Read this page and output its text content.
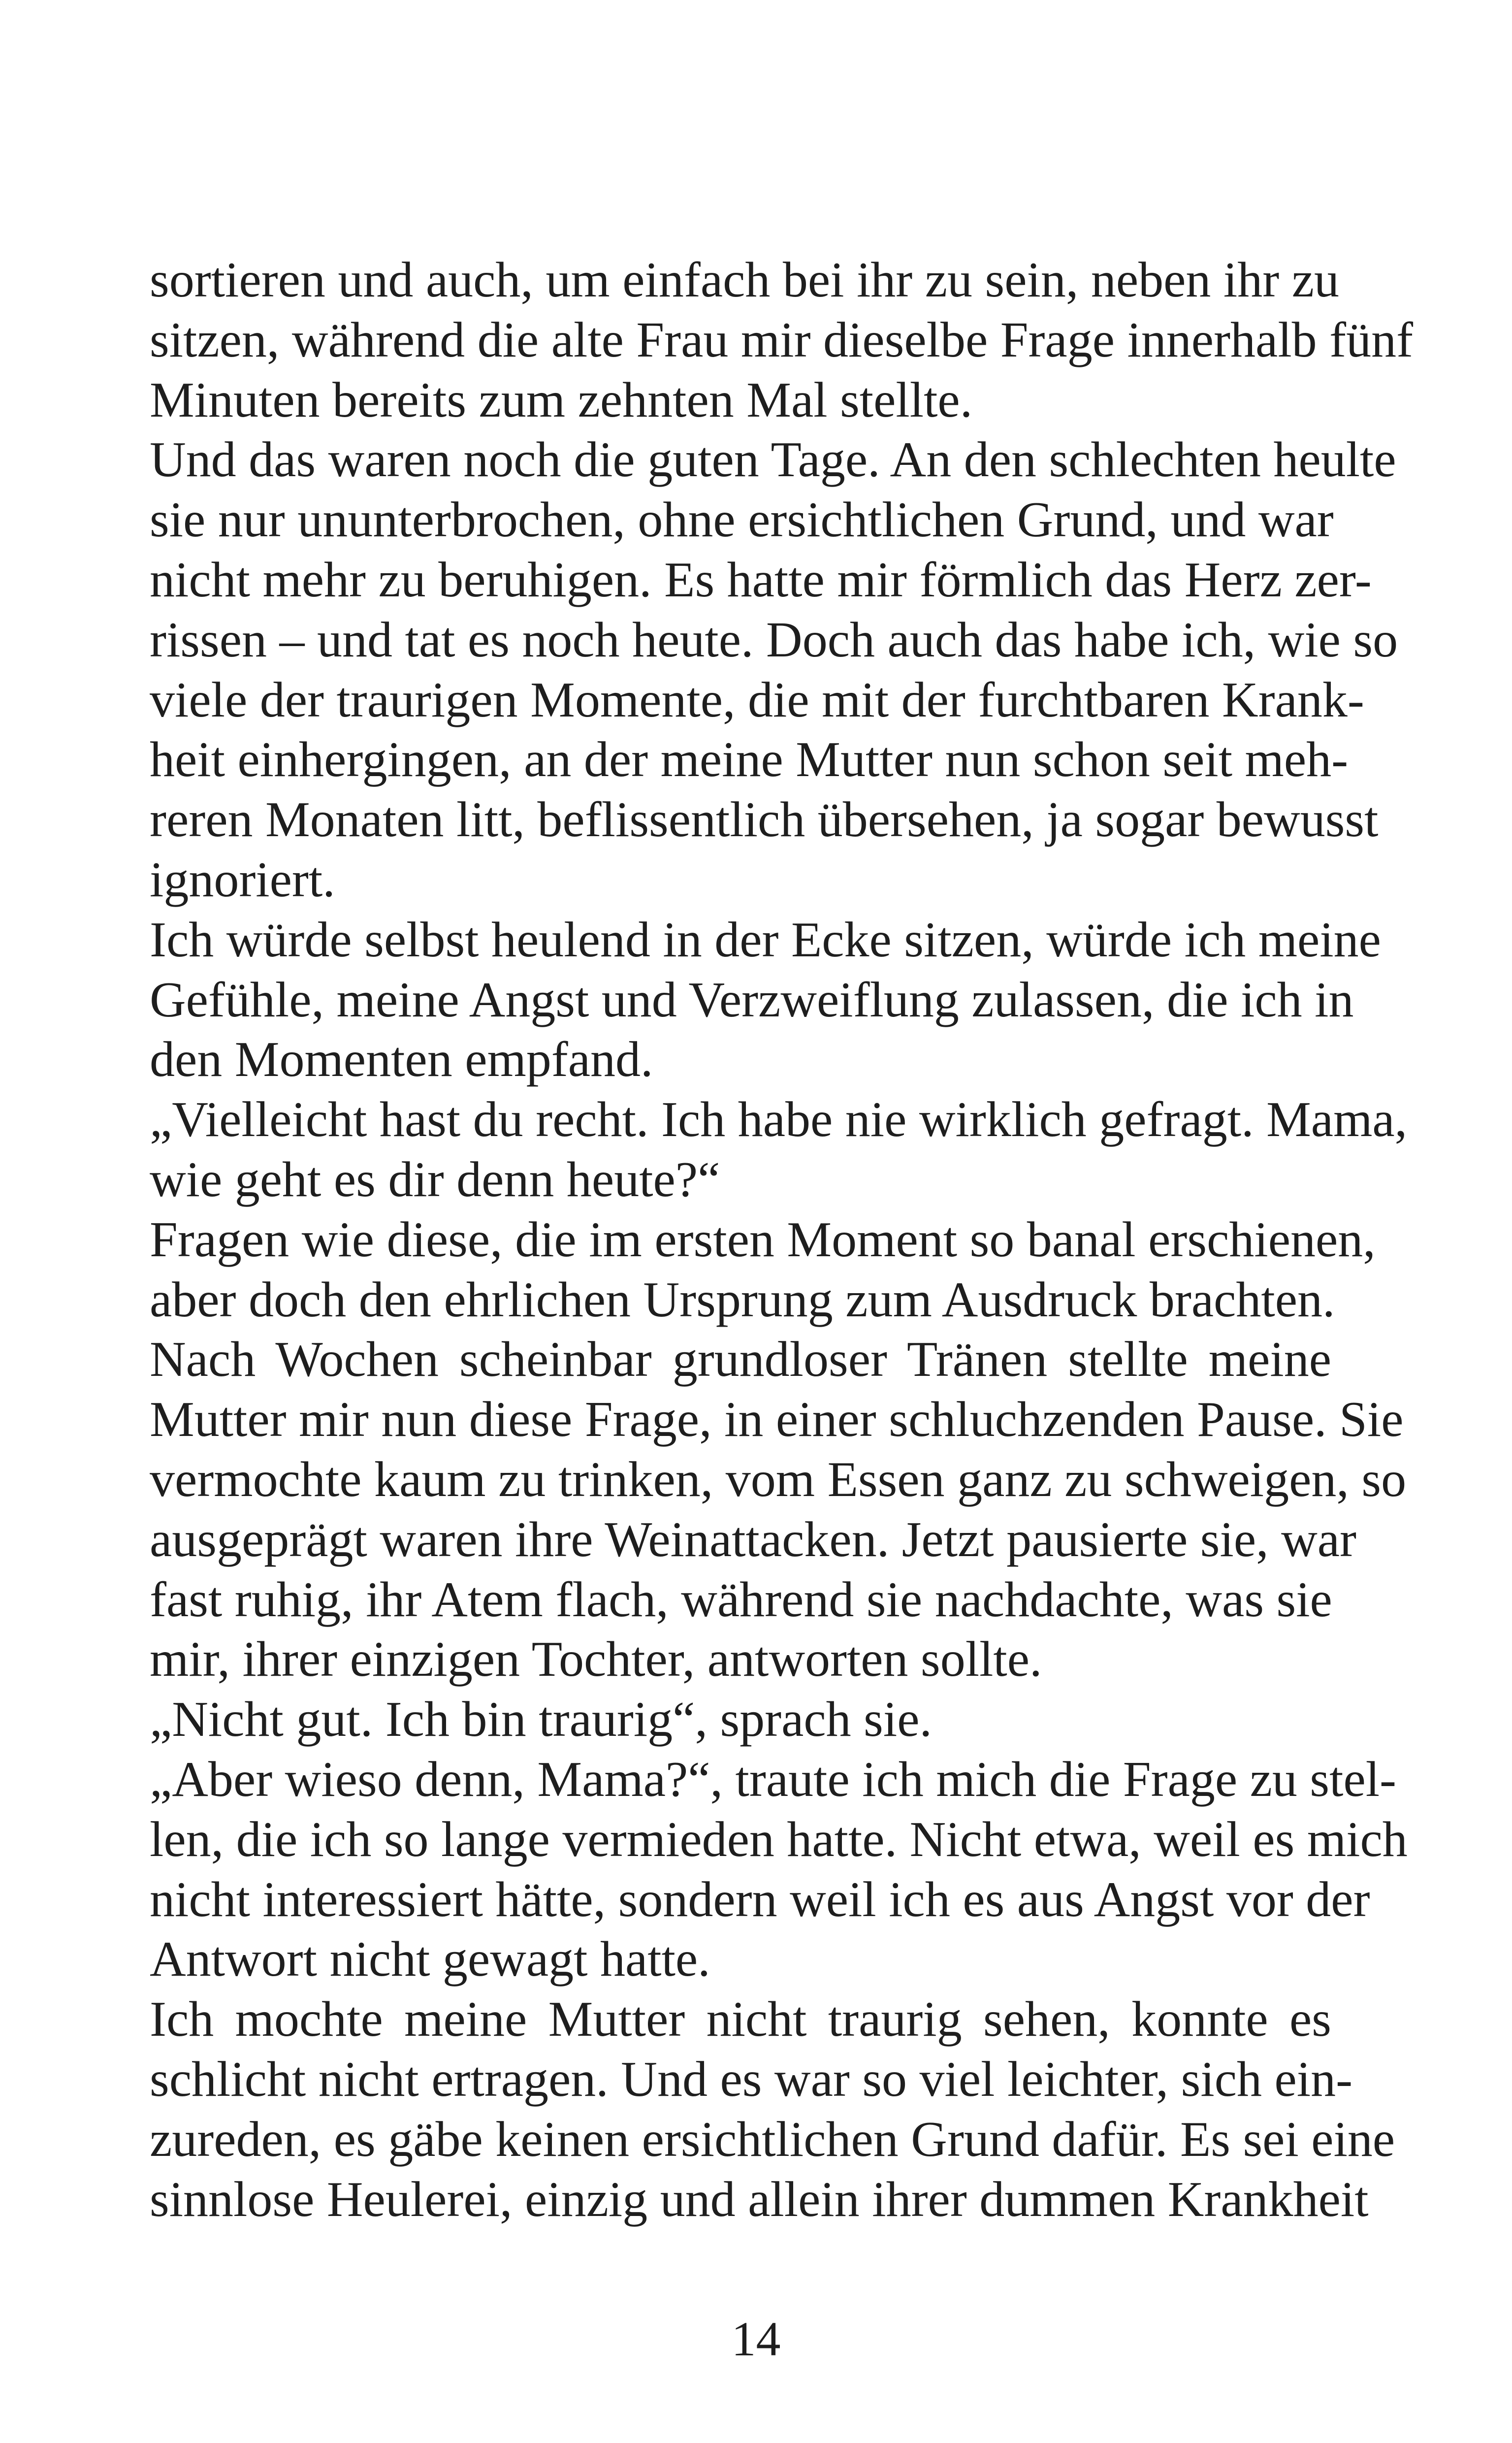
sortieren und auch, um einfach bei ihr zu sein, neben ihr zu
sitzen, während die alte Frau mir dieselbe Frage innerhalb fünf
Minuten bereits zum zehnten Mal stellte.
Und das waren noch die guten Tage. An den schlechten heulte
sie nur ununterbrochen, ohne ersichtlichen Grund, und war
nicht mehr zu beruhigen. Es hatte mir förmlich das Herz zer-
rissen – und tat es noch heute. Doch auch das habe ich, wie so
viele der traurigen Momente, die mit der furchtbaren Krank-
heit einhergingen, an der meine Mutter nun schon seit meh-
reren Monaten litt, beflissentlich übersehen, ja sogar bewusst
ignoriert.
Ich würde selbst heulend in der Ecke sitzen, würde ich meine
Gefühle, meine Angst und Verzweiflung zulassen, die ich in
den Momenten empfand.
„Vielleicht hast du recht. Ich habe nie wirklich gefragt. Mama,
wie geht es dir denn heute?“
Fragen wie diese, die im ersten Moment so banal erschienen,
aber doch den ehrlichen Ursprung zum Ausdruck brachten.
Nach Wochen scheinbar grundloser Tränen stellte meine
Mutter mir nun diese Frage, in einer schluchzenden Pause. Sie
vermochte kaum zu trinken, vom Essen ganz zu schweigen, so
ausgeprägt waren ihre Weinattacken. Jetzt pausierte sie, war
fast ruhig, ihr Atem flach, während sie nachdachte, was sie
mir, ihrer einzigen Tochter, antworten sollte.
„Nicht gut. Ich bin traurig“, sprach sie.
„Aber wieso denn, Mama?“, traute ich mich die Frage zu stel-
len, die ich so lange vermieden hatte. Nicht etwa, weil es mich
nicht interessiert hätte, sondern weil ich es aus Angst vor der
Antwort nicht gewagt hatte.
Ich mochte meine Mutter nicht traurig sehen, konnte es
schlicht nicht ertragen. Und es war so viel leichter, sich ein-
zureden, es gäbe keinen ersichtlichen Grund dafür. Es sei eine
sinnlose Heulerei, einzig und allein ihrer dummen Krankheit
14
